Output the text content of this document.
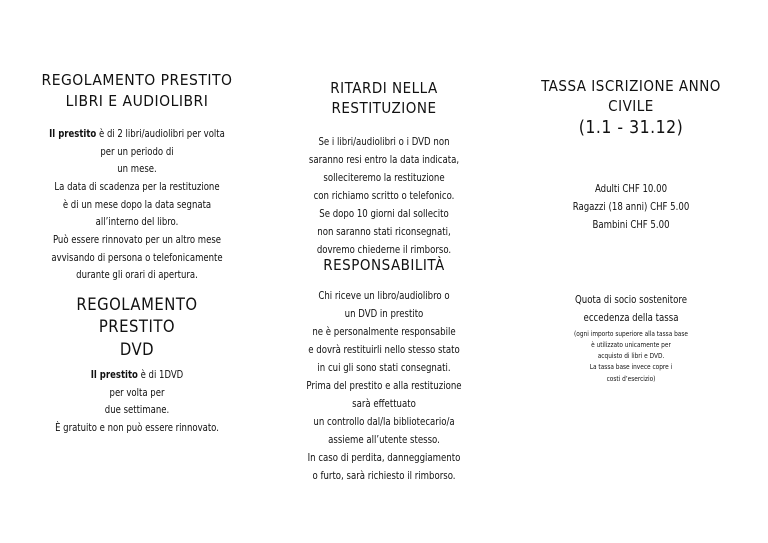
REGOLAMENTO PRESTITO
LIBRI E AUDIOLIBRI

Il prestito è di 2 libri/audiolibri per volta

per un periodo di

un mese.

La data di scadenza per la restituzione

è di un mese dopo la data segnata

all’interno del libro.

Può essere rinnovato per un altro mese

avvisando di persona o telefonicamente

durante gli orari di apertura.

REGOLAMENTO PRESTITO
DVD

Il prestito è di 1DVD

per volta per

due settimane.

È gratuito e non può essere rinnovato.

RITARDI NELLA RESTITUZIONE

Se i libri/audiolibri o i DVD non

saranno resi entro la data indicata,

solleciteremo la restituzione

con richiamo scritto o telefonico.

Se dopo 10 giorni dal sollecito

non saranno stati riconsegnati,

dovremo chiederne il rimborso.

RESPONSABILITÀ

Chi riceve un libro/audiolibro o

un DVD in prestito

ne è personalmente responsabile

e dovrà restituirli nello stesso stato

in cui gli sono stati consegnati.

Prima del prestito e alla restituzione

sarà effettuato

un controllo dal/la bibliotecario/a

assieme all’utente stesso.

In caso di perdita, danneggiamento

o furto, sarà richiesto il rimborso.

TASSA ISCRIZIONE ANNO CIVILE
(1.1 - 31.12)

Adulti CHF 10.00

Ragazzi (18 anni) CHF 5.00

Bambini CHF 5.00

Quota di socio sostenitore

eccedenza della tassa

(ogni importo superiore alla tassa base

è utilizzato unicamente per

acquisto di libri e DVD.

La tassa base invece copre i

costi d’esercizio)
